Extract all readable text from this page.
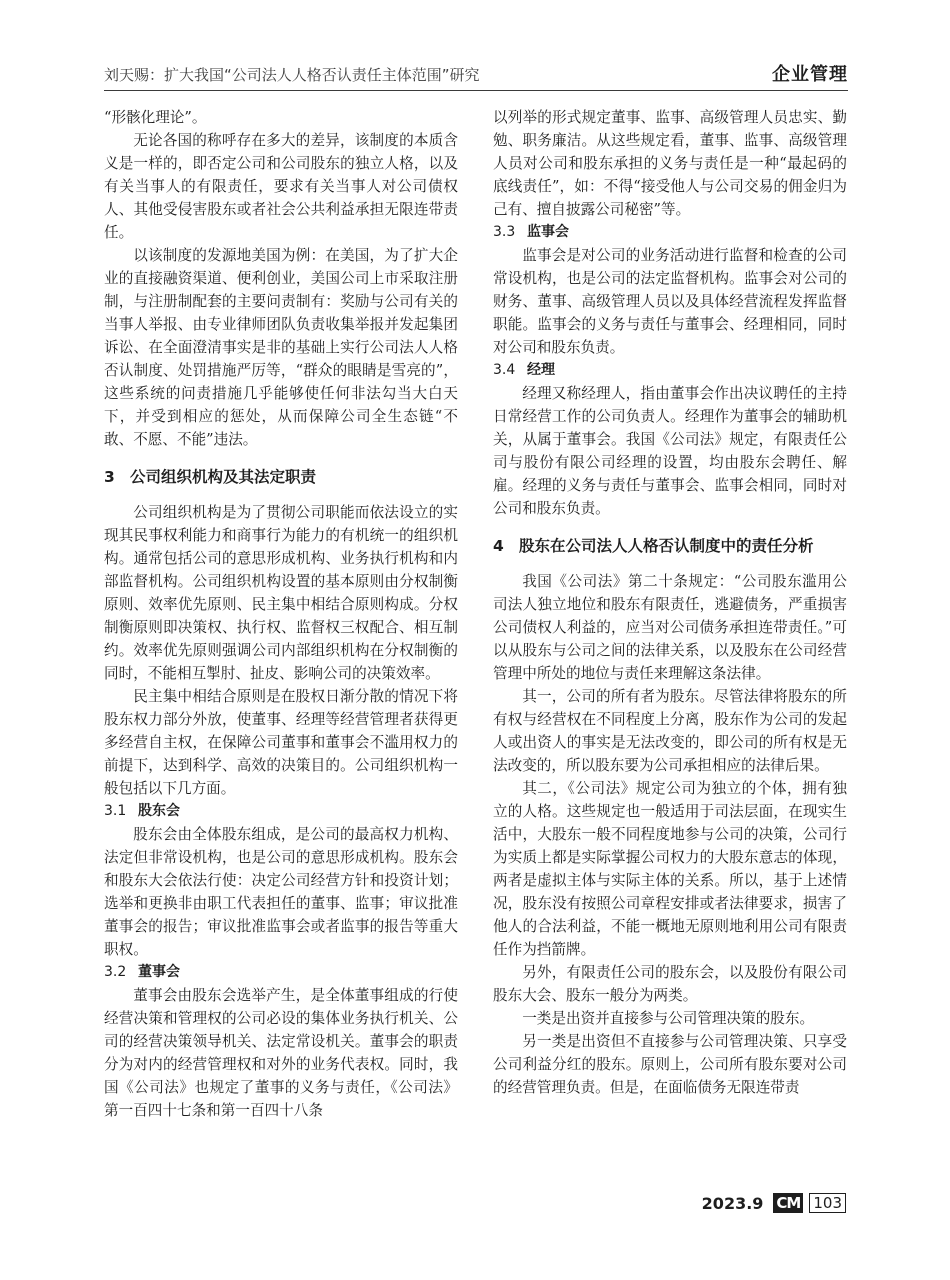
刘天赐：扩大我国“公司法人人格否认责任主体范围”研究	企业管理

“形骸化理论”。

无论各国的称呼存在多大的差异，该制度的本质含义是一样的，即否定公司和公司股东的独立人格，以及有关当事人的有限责任，要求有关当事人对公司债权人、其他受侵害股东或者社会公共利益承担无限连带责任。

以该制度的发源地美国为例：在美国，为了扩大企业的直接融资渠道、便利创业，美国公司上市采取注册制，与注册制配套的主要问责制有：奖励与公司有关的当事人举报、由专业律师团队负责收集举报并发起集团诉讼、在全面澄清事实是非的基础上实行公司法人人格否认制度、处罚措施严厉等，“群众的眼睛是雪亮的”，这些系统的问责措施几乎能够使任何非法勾当大白天下，并受到相应的惩处，从而保障公司全生态链“不敢、不愿、不能”违法。

3 公司组织机构及其法定职责

公司组织机构是为了贯彻公司职能而依法设立的实现其民事权利能力和商事行为能力的有机统一的组织机构。通常包括公司的意思形成机构、业务执行机构和内部监督机构。公司组织机构设置的基本原则由分权制衡原则、效率优先原则、民主集中相结合原则构成。分权制衡原则即决策权、执行权、监督权三权配合、相互制约。效率优先原则强调公司内部组织机构在分权制衡的同时，不能相互掣肘、扯皮、影响公司的决策效率。

民主集中相结合原则是在股权日渐分散的情况下将股东权力部分外放，使董事、经理等经营管理者获得更多经营自主权，在保障公司董事和董事会不滥用权力的前提下，达到科学、高效的决策目的。公司组织机构一般包括以下几方面。

3.1 股东会

股东会由全体股东组成，是公司的最高权力机构、法定但非常设机构，也是公司的意思形成机构。股东会和股东大会依法行使：决定公司经营方针和投资计划；选举和更换非由职工代表担任的董事、监事；审议批准董事会的报告；审议批准监事会或者监事的报告等重大职权。

3.2 董事会

董事会由股东会选举产生，是全体董事组成的行使经营决策和管理权的公司必设的集体业务执行机关、公司的经营决策领导机关、法定常设机关。董事会的职责分为对内的经营管理权和对外的业务代表权。同时，我国《公司法》也规定了董事的义务与责任，《公司法》第一百四十七条和第一百四十八条

以列举的形式规定董事、监事、高级管理人员忠实、勤勉、职务廉洁。从这些规定看，董事、监事、高级管理人员对公司和股东承担的义务与责任是一种“最起码的底线责任”，如：不得“接受他人与公司交易的佣金归为己有、擅自披露公司秘密”等。

3.3 监事会

监事会是对公司的业务活动进行监督和检查的公司常设机构，也是公司的法定监督机构。监事会对公司的财务、董事、高级管理人员以及具体经营流程发挥监督职能。监事会的义务与责任与董事会、经理相同，同时对公司和股东负责。

3.4 经理

经理又称经理人，指由董事会作出决议聘任的主持日常经营工作的公司负责人。经理作为董事会的辅助机关，从属于董事会。我国《公司法》规定，有限责任公司与股份有限公司经理的设置，均由股东会聘任、解雇。经理的义务与责任与董事会、监事会相同，同时对公司和股东负责。

4 股东在公司法人人格否认制度中的责任分析

我国《公司法》第二十条规定：“公司股东滥用公司法人独立地位和股东有限责任，逃避债务，严重损害公司债权人利益的，应当对公司债务承担连带责任。”可以从股东与公司之间的法律关系，以及股东在公司经营管理中所处的地位与责任来理解这条法律。

其一，公司的所有者为股东。尽管法律将股东的所有权与经营权在不同程度上分离，股东作为公司的发起人或出资人的事实是无法改变的，即公司的所有权是无法改变的，所以股东要为公司承担相应的法律后果。

其二，《公司法》规定公司为独立的个体，拥有独立的人格。这些规定也一般适用于司法层面，在现实生活中，大股东一般不同程度地参与公司的决策，公司行为实质上都是实际掌握公司权力的大股东意志的体现，两者是虚拟主体与实际主体的关系。所以，基于上述情况，股东没有按照公司章程安排或者法律要求，损害了他人的合法利益，不能一概地无原则地利用公司有限责任作为挡箭牌。

另外，有限责任公司的股东会，以及股份有限公司股东大会、股东一般分为两类。

一类是出资并直接参与公司管理决策的股东。

另一类是出资但不直接参与公司管理决策、只享受公司利益分红的股东。原则上，公司所有股东要对公司的经营管理负责。但是，在面临债务无限连带责

2023.9 CM 103
